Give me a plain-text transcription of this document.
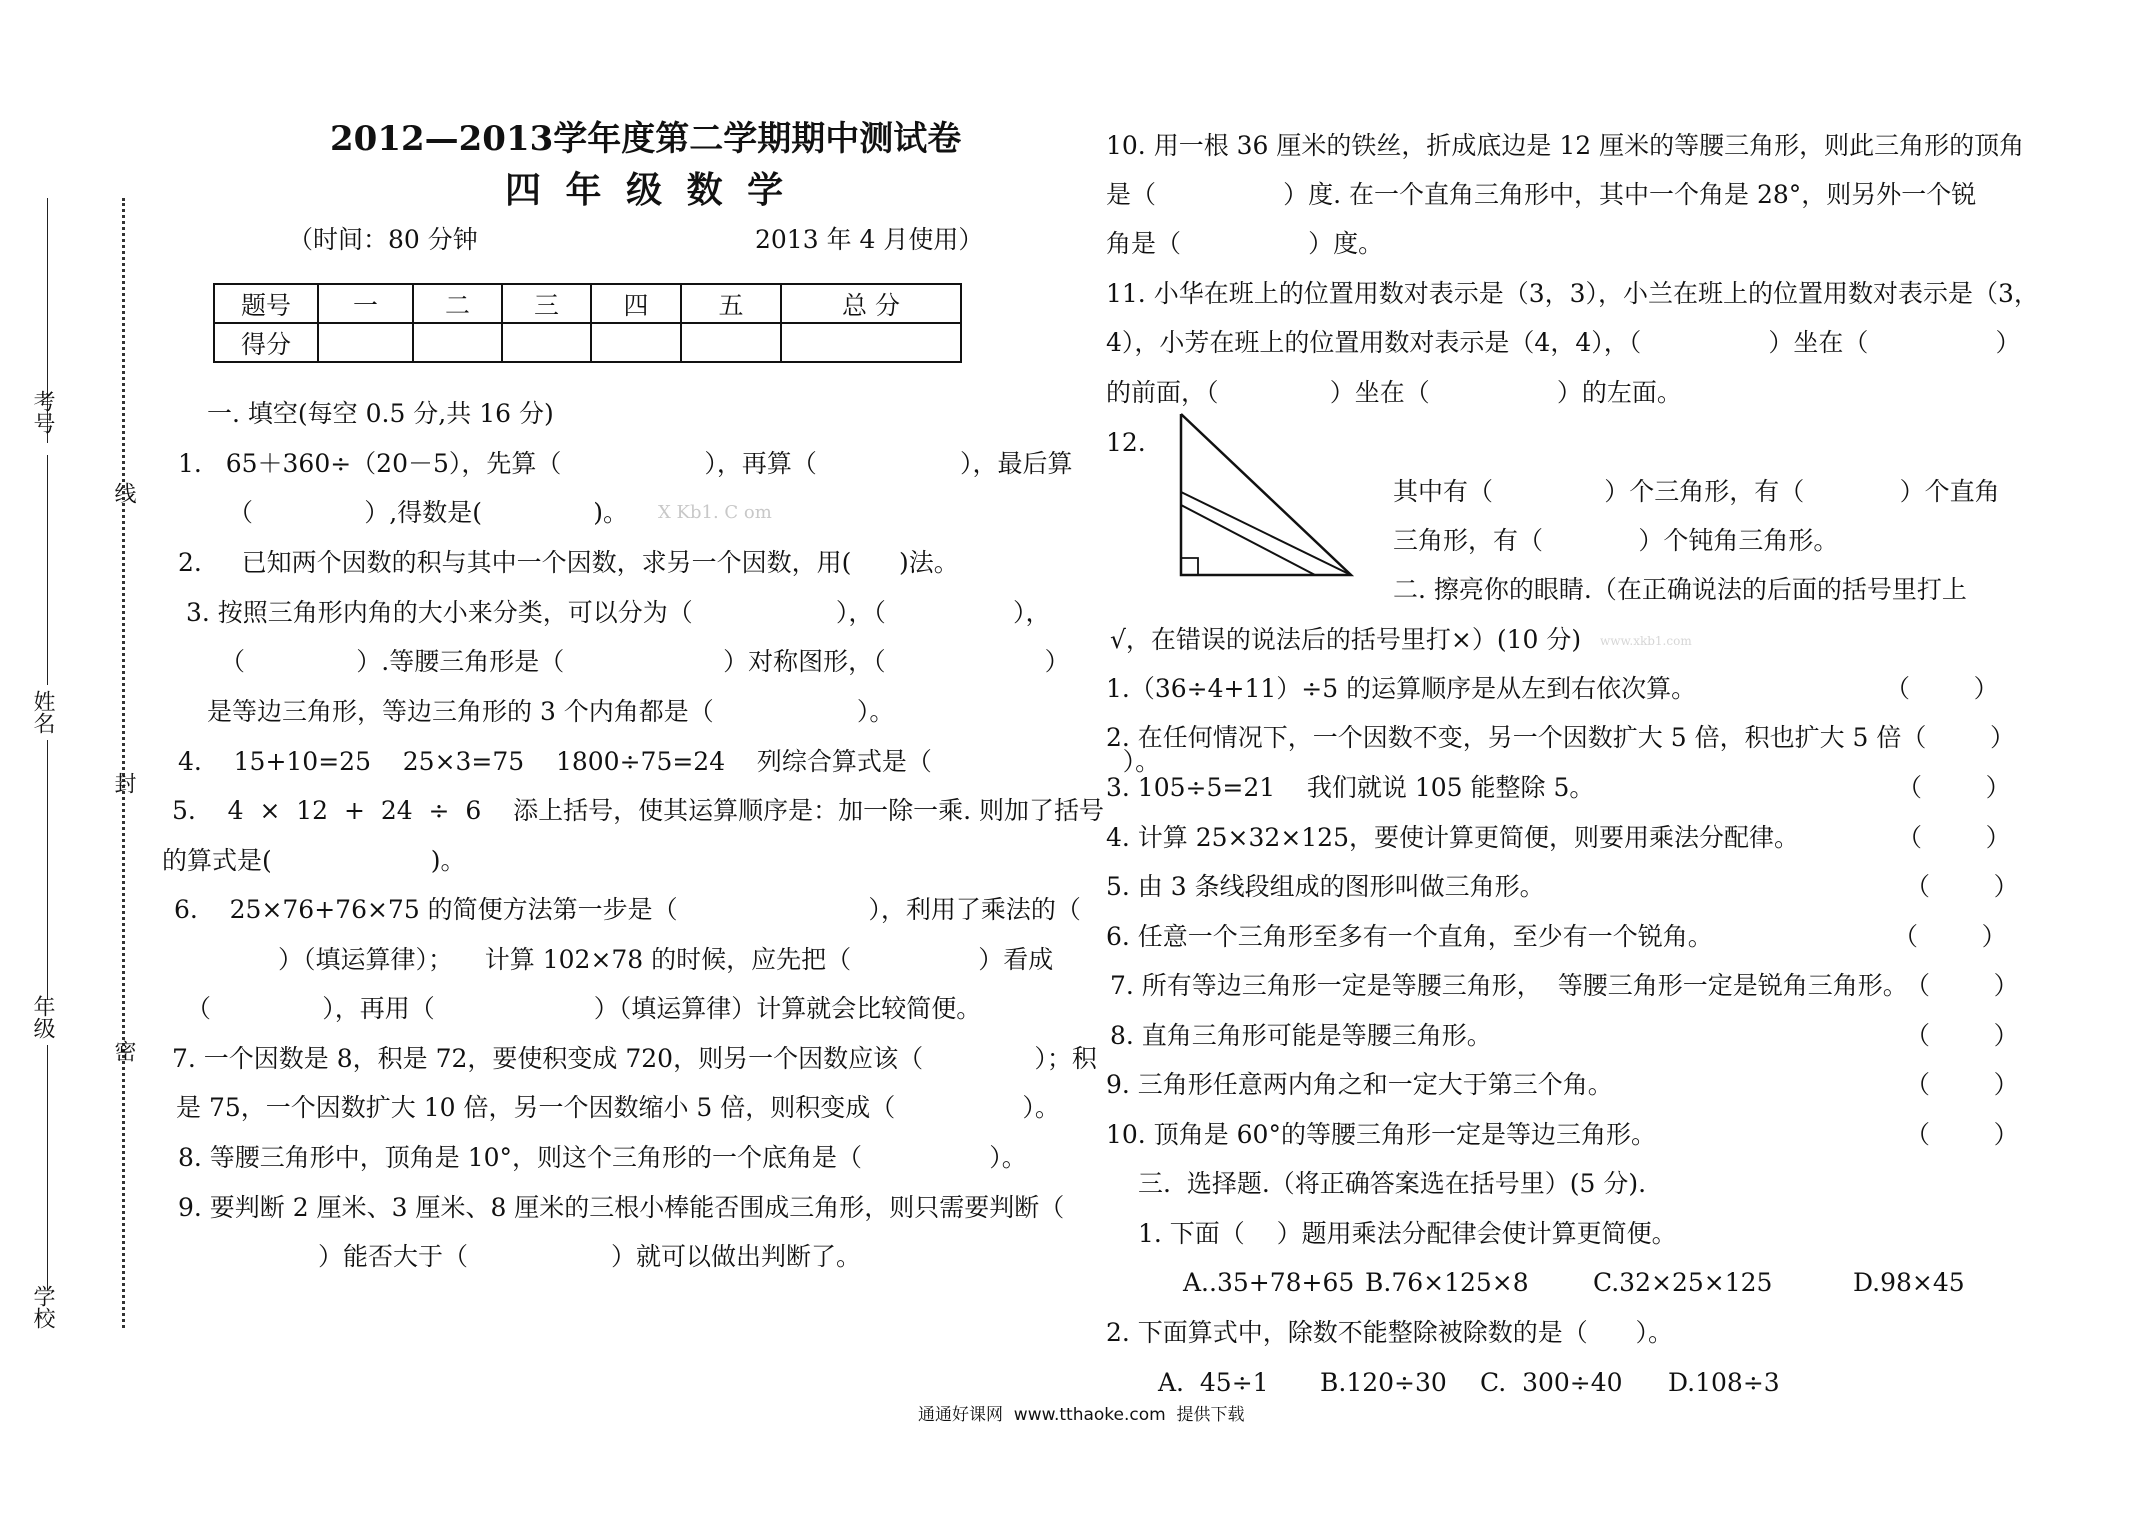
考号
姓名
年级
学校
线
封
密
2012—2013学年度第二学期期中测试卷
四 年 级 数 学
（时间：80 分钟	2013 年 4 月使用）
题号	一	二	三	四	五	总 分
得分						
一. 填空(每空 0.5 分,共 16 分)
1.   65＋360÷（20－5），先算（                  ），再算（                  ），最后算
（              ）,得数是(              )。 X Kb1. C om
2.     已知两个因数的积与其中一个因数，求另一个因数，用(      )法。
3. 按照三角形内角的大小来分类，可以分为（                  ），（                ），
（              ）.等腰三角形是（                    ）对称图形，（                    ）
是等边三角形，等边三角形的 3 个内角都是（                  ）。
4.    15+10=25    25×3=75    1800÷75=24    列综合算式是（                        ）。
5.    4  ×  12  +  24  ÷  6    添上括号，使其运算顺序是：加一除一乘. 则加了括号
的算式是(                    )。
6.    25×76+76×75 的简便方法第一步是（                        ），利用了乘法的（
）（填运算律）；    计算 102×78 的时候，应先把（                ）看成
（              ），再用（                    ）（填运算律）计算就会比较简便。
7. 一个因数是 8，积是 72，要使积变成 720，则另一个因数应该（              ）；积
是 75，一个因数扩大 10 倍，另一个因数缩小 5 倍，则积变成（                ）。
8. 等腰三角形中，顶角是 10°，则这个三角形的一个底角是（                ）。
9. 要判断 2 厘米、3 厘米、8 厘米的三根小棒能否围成三角形，则只需要判断（
）能否大于（                  ）就可以做出判断了。
10. 用一根 36 厘米的铁丝，折成底边是 12 厘米的等腰三角形，则此三角形的顶角
是（                ）度. 在一个直角三角形中，其中一个角是 28°，则另外一个锐
角是（                ）度。
11. 小华在班上的位置用数对表示是（3，3），小兰在班上的位置用数对表示是（3，
4），小芳在班上的位置用数对表示是（4，4），（                ）坐在（                ）
的前面，（              ）坐在（                ）的左面。
12.
其中有（              ）个三角形，有（            ）个直角
三角形，有（            ）个钝角三角形。
二. 擦亮你的眼睛.（在正确说法的后面的括号里打上
√，在错误的说法后的括号里打×）(10 分) www.xkb1.com
1.（36÷4+11）÷5 的运算顺序是从左到右依次算。	（        ）
2. 在任何情况下，一个因数不变，另一个因数扩大 5 倍，积也扩大 5 倍（        ）
3. 105÷5=21    我们就说 105 能整除 5。	（        ）
4. 计算 25×32×125，要使计算更简便，则要用乘法分配律。	（        ）
5. 由 3 条线段组成的图形叫做三角形。	（        ）
6. 任意一个三角形至多有一个直角，至少有一个锐角。	（        ）
7. 所有等边三角形一定是等腰三角形，  等腰三角形一定是锐角三角形。
（        ）
8. 直角三角形可能是等腰三角形。	（        ）
9. 三角形任意两内角之和一定大于第三个角。	（        ）
10. 顶角是 60°的等腰三角形一定是等边三角形。	（        ）
三.  选择题.（将正确答案选在括号里）(5 分).
1. 下面（    ）题用乘法分配律会使计算更简便。
A..35+78+65 B.76×125×8	C.32×25×125	D.98×45
2. 下面算式中，除数不能整除被除数的是（      ）。
A.  45÷1 B.120÷30 C.  300÷40 D.108÷3
通通好课网  www.tthaoke.com  提供下载
